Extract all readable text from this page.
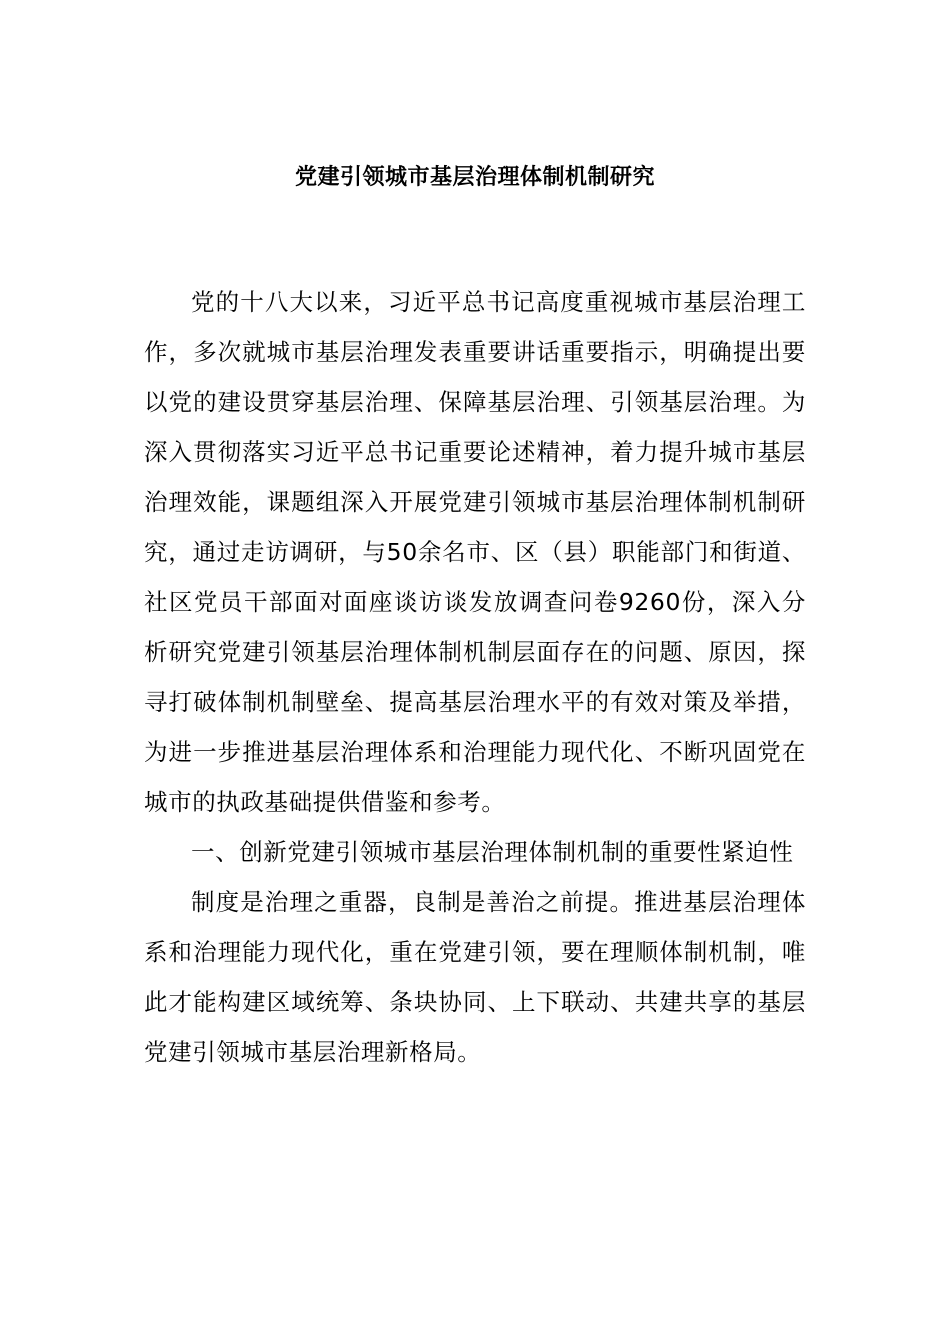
党建引领城市基层治理体制机制研究

党的十八大以来，习近平总书记高度重视城市基层治理工作，多次就城市基层治理发表重要讲话重要指示，明确提出要以党的建设贯穿基层治理、保障基层治理、引领基层治理。为深入贯彻落实习近平总书记重要论述精神，着力提升城市基层治理效能，课题组深入开展党建引领城市基层治理体制机制研究，通过走访调研，与50余名市、区（县）职能部门和街道、社区党员干部面对面座谈访谈发放调查问卷9260份，深入分析研究党建引领基层治理体制机制层面存在的问题、原因，探寻打破体制机制壁垒、提高基层治理水平的有效对策及举措，为进一步推进基层治理体系和治理能力现代化、不断巩固党在城市的执政基础提供借鉴和参考。

一、创新党建引领城市基层治理体制机制的重要性紧迫性

制度是治理之重器，良制是善治之前提。推进基层治理体系和治理能力现代化，重在党建引领，要在理顺体制机制，唯此才能构建区域统筹、条块协同、上下联动、共建共享的基层党建引领城市基层治理新格局。
